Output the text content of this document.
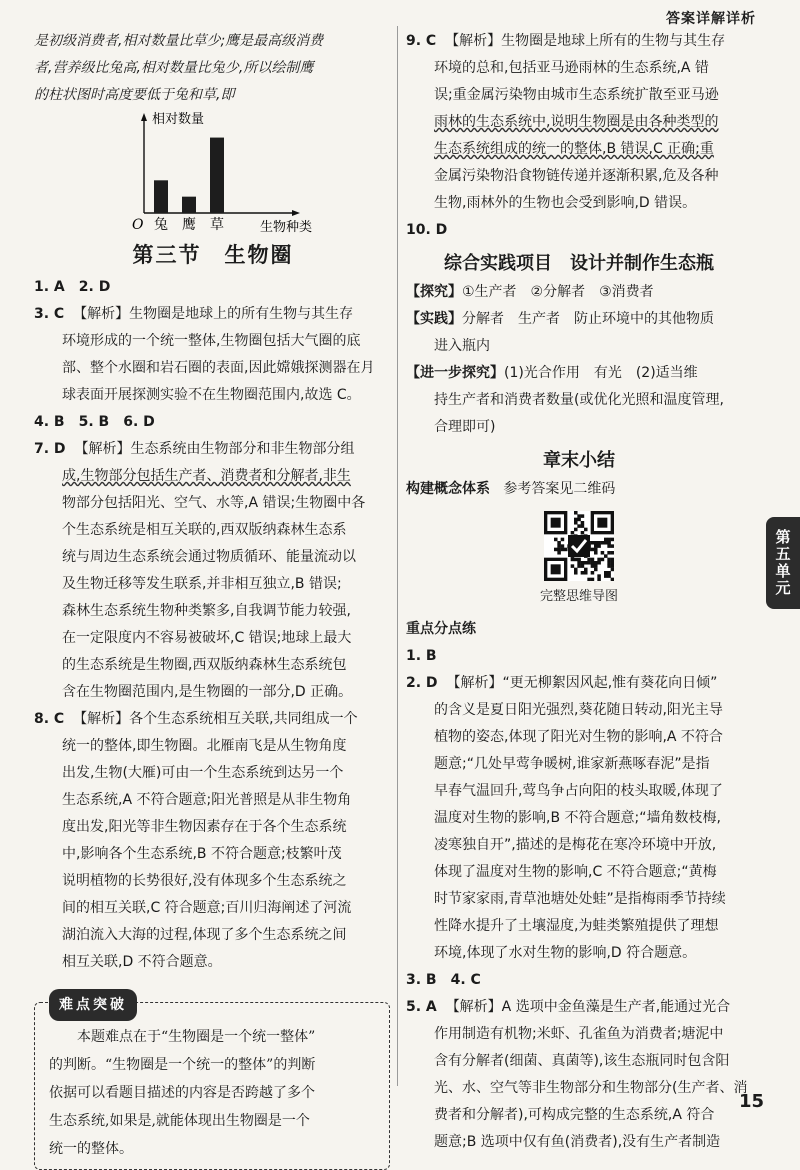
答案详解详析

是初级消费者,相对数量比草少;鹰是最高级消费

者,营养级比兔高,相对数量比兔少,所以绘制鹰

的柱状图时高度要低于兔和草,即

相对数量
O 兔 鹰 草	生物种类
第三节　生物圈

1. A　2. D

3. C 【解析】生物圈是地球上的所有生物与其生存

环境形成的一个统一整体,生物圈包括大气圈的底

部、整个水圈和岩石圈的表面,因此嫦娥探测器在月

球表面开展探测实验不在生物圈范围内,故选 C。

4. B　5. B　6. D

7. D 【解析】生态系统由生物部分和非生物部分组

成,生物部分包括生产者、消费者和分解者,非生

物部分包括阳光、空气、水等,A 错误;生物圈中各

个生态系统是相互关联的,西双版纳森林生态系

统与周边生态系统会通过物质循环、能量流动以

及生物迁移等发生联系,并非相互独立,B 错误;

森林生态系统生物种类繁多,自我调节能力较强,

在一定限度内不容易被破坏,C 错误;地球上最大

的生态系统是生物圈,西双版纳森林生态系统包

含在生物圈范围内,是生物圈的一部分,D 正确。

8. C 【解析】各个生态系统相互关联,共同组成一个

统一的整体,即生物圈。北雁南飞是从生物角度

出发,生物(大雁)可由一个生态系统到达另一个

生态系统,A 不符合题意;阳光普照是从非生物角

度出发,阳光等非生物因素存在于各个生态系统

中,影响各个生态系统,B 不符合题意;枝繁叶茂

说明植物的长势很好,没有体现多个生态系统之

间的相互关联,C 符合题意;百川归海阐述了河流

湖泊流入大海的过程,体现了多个生态系统之间

相互关联,D 不符合题意。

难点突破

本题难点在于“生物圈是一个统一整体”

的判断。“生物圈是一个统一的整体”的判断

依据可以看题目描述的内容是否跨越了多个

生态系统,如果是,就能体现出生物圈是一个

统一的整体。

9. C 【解析】生物圈是地球上所有的生物与其生存

环境的总和,包括亚马逊雨林的生态系统,A 错

误;重金属污染物由城市生态系统扩散至亚马逊

雨林的生态系统中,说明生物圈是由各种类型的

生态系统组成的统一的整体,B 错误,C 正确;重

金属污染物沿食物链传递并逐渐积累,危及各种

生物,雨林外的生物也会受到影响,D 错误。

10. D

综合实践项目　设计并制作生态瓶

【探究】①生产者　②分解者　③消费者

【实践】分解者　生产者　防止环境中的其他物质

进入瓶内

【进一步探究】(1)光合作用　有光　(2)适当维

持生产者和消费者数量(或优化光照和温度管理,

合理即可)

章末小结

构建概念体系 参考答案见二维码

完整思维导图

重点分点练

1. B

2. D 【解析】“更无柳絮因风起,惟有葵花向日倾”

的含义是夏日阳光强烈,葵花随日转动,阳光主导

植物的姿态,体现了阳光对生物的影响,A 不符合

题意;“几处早莺争暖树,谁家新燕啄春泥”是指

早春气温回升,莺鸟争占向阳的枝头取暖,体现了

温度对生物的影响,B 不符合题意;“墙角数枝梅,

凌寒独自开”,描述的是梅花在寒冷环境中开放,

体现了温度对生物的影响,C 不符合题意;“黄梅

时节家家雨,青草池塘处处蛙”是指梅雨季节持续

性降水提升了土壤湿度,为蛙类繁殖提供了理想

环境,体现了水对生物的影响,D 符合题意。

3. B　4. C

5. A 【解析】A 选项中金鱼藻是生产者,能通过光合

作用制造有机物;米虾、孔雀鱼为消费者;塘泥中

含有分解者(细菌、真菌等),该生态瓶同时包含阳

光、水、空气等非生物部分和生物部分(生产者、消

费者和分解者),可构成完整的生态系统,A 符合

题意;B 选项中仅有鱼(消费者),没有生产者制造

第五单元
15
